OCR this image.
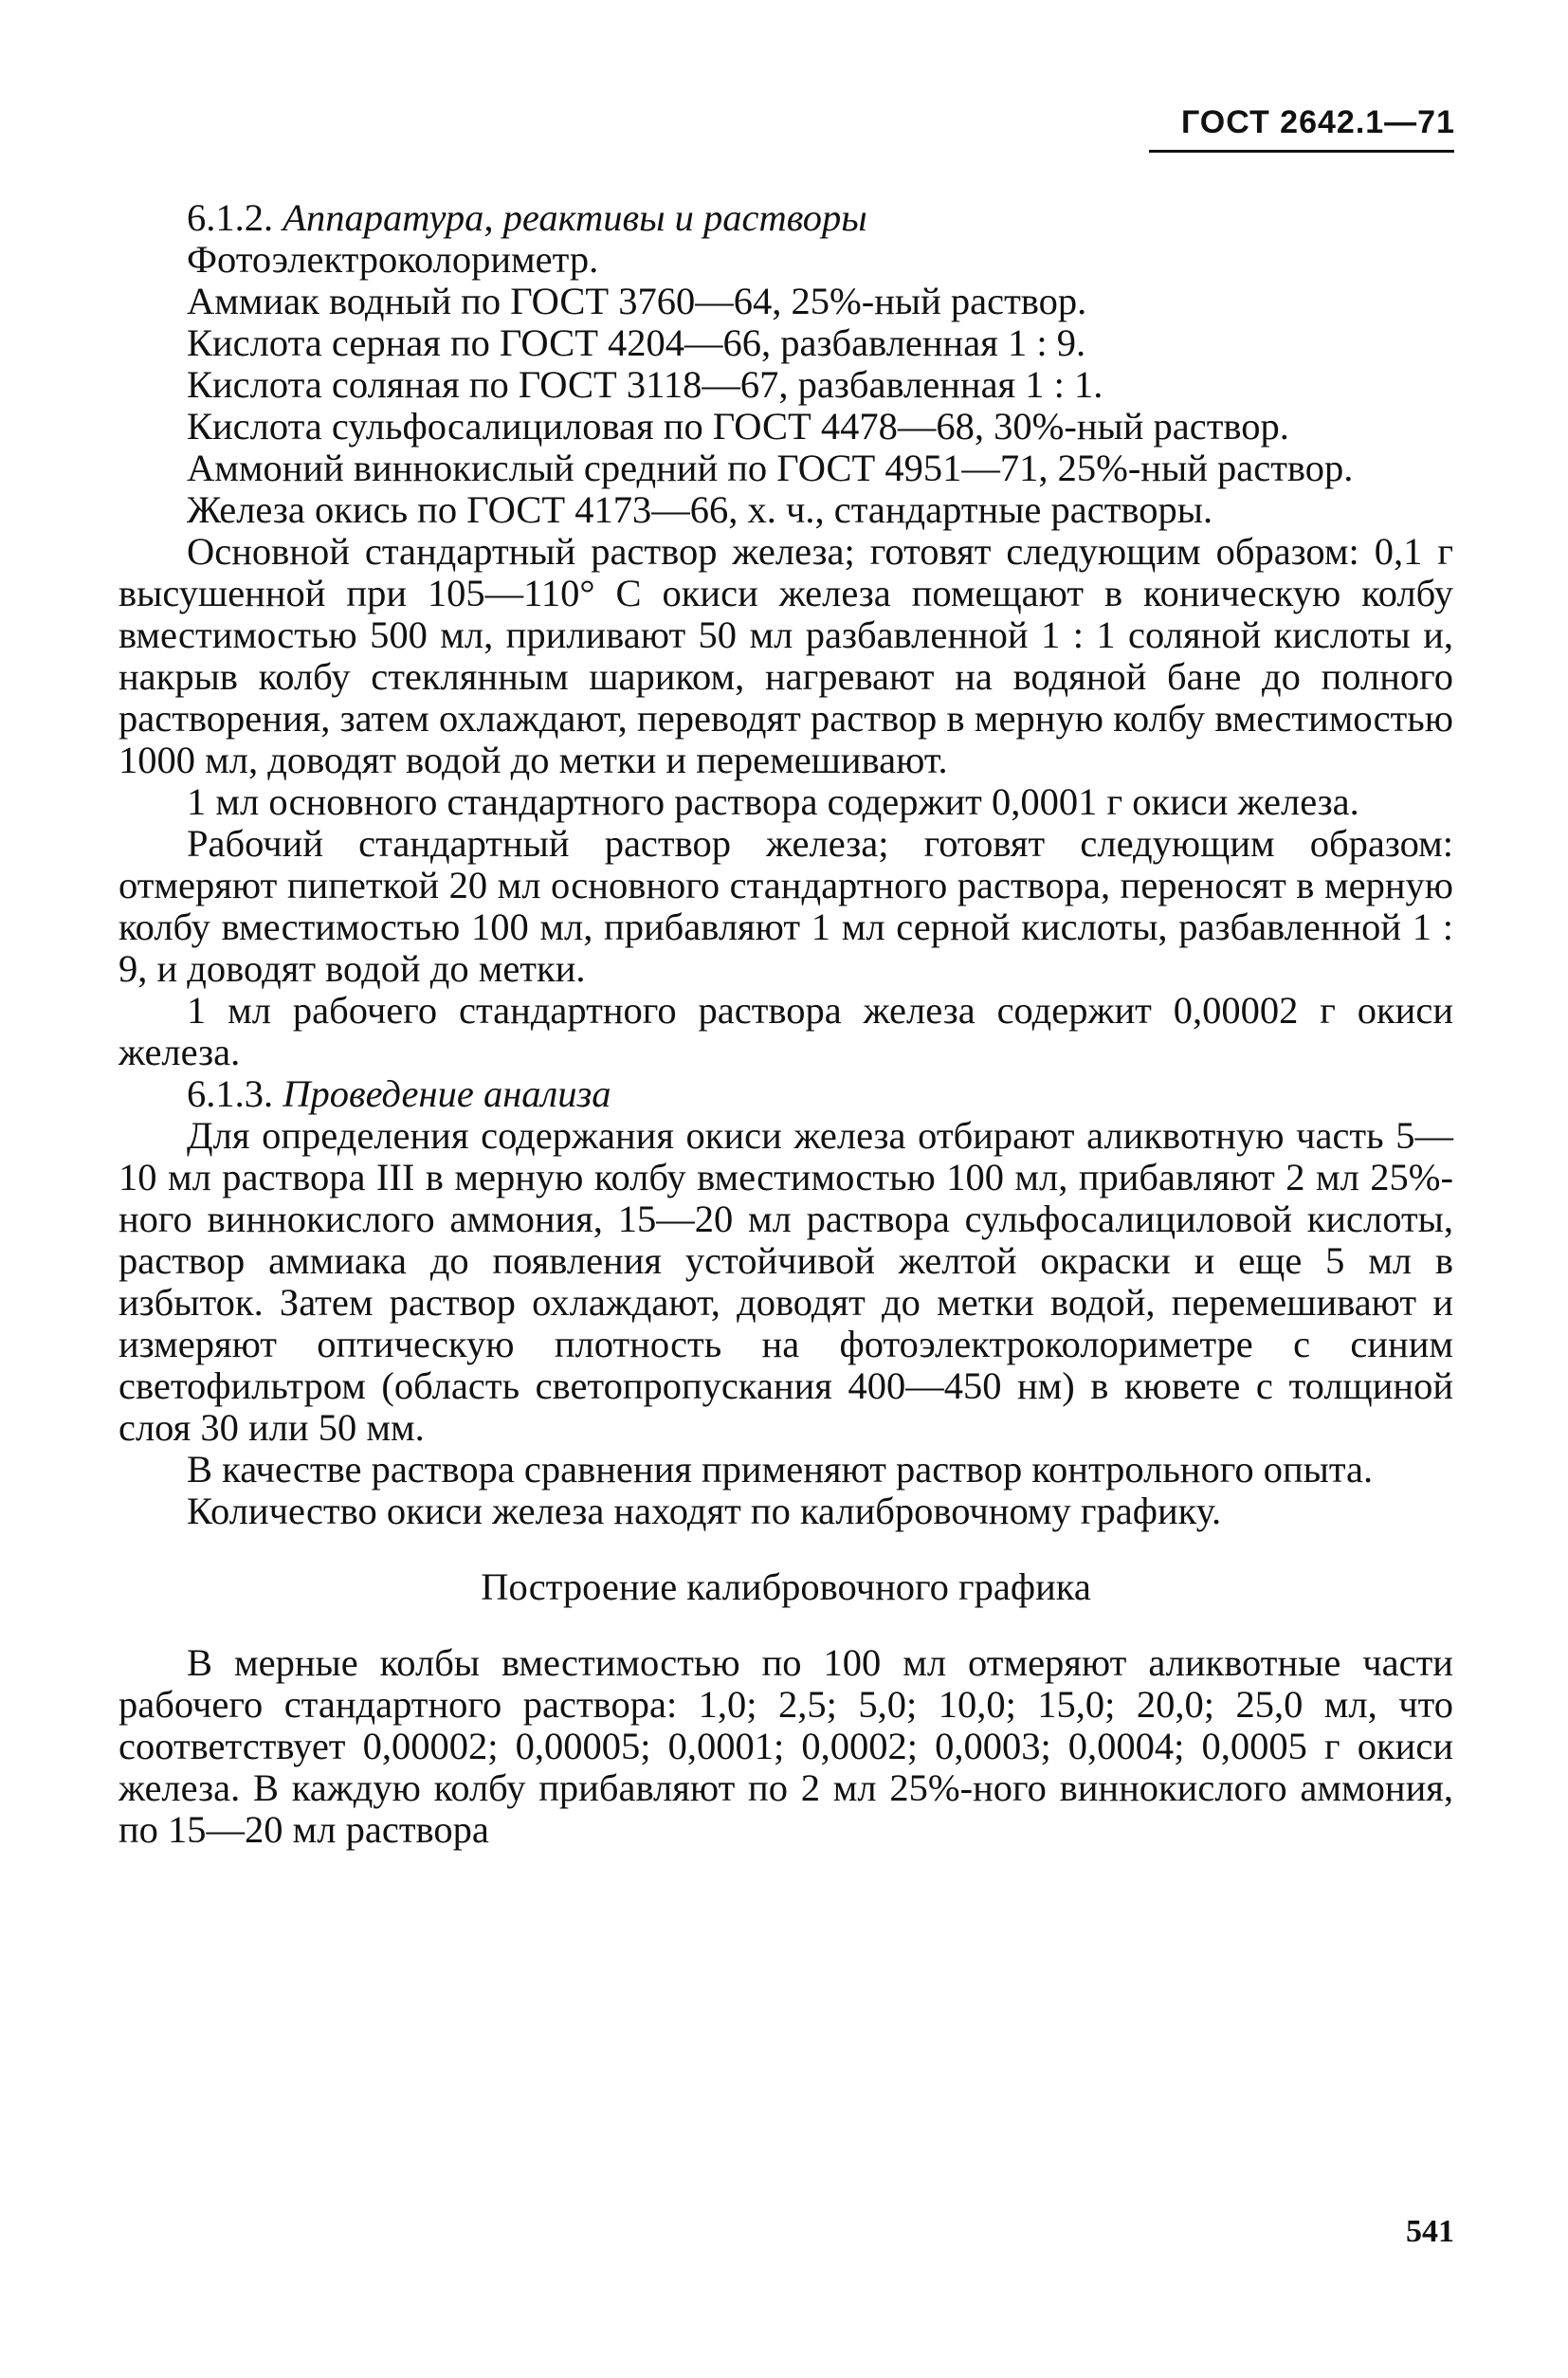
ГОСТ 2642.1—71

6.1.2. Аппаратура, реактивы и растворы

Фотоэлектроколориметр.

Аммиак водный по ГОСТ 3760—64, 25%-ный раствор.

Кислота серная по ГОСТ 4204—66, разбавленная 1 : 9.

Кислота соляная по ГОСТ 3118—67, разбавленная 1 : 1.

Кислота сульфосалициловая по ГОСТ 4478—68, 30%-ный раствор.

Аммоний виннокислый средний по ГОСТ 4951—71, 25%-ный раствор.

Железа окись по ГОСТ 4173—66, х. ч., стандартные растворы.

Основной стандартный раствор железа; готовят следующим образом: 0,1 г высушенной при 105—110° С окиси железа помещают в коническую колбу вместимостью 500 мл, приливают 50 мл разбавленной 1 : 1 соляной кислоты и, накрыв колбу стеклянным шариком, нагревают на водяной бане до полного растворения, затем охлаждают, переводят раствор в мерную колбу вместимостью 1000 мл, доводят водой до метки и перемешивают.

1 мл основного стандартного раствора содержит 0,0001 г окиси железа.

Рабочий стандартный раствор железа; готовят следующим образом: отмеряют пипеткой 20 мл основного стандартного раствора, переносят в мерную колбу вместимостью 100 мл, прибавляют 1 мл серной кислоты, разбавленной 1 : 9, и доводят водой до метки.

1 мл рабочего стандартного раствора железа содержит 0,00002 г окиси железа.

6.1.3. Проведение анализа

Для определения содержания окиси железа отбирают аликвотную часть 5—10 мл раствора III в мерную колбу вместимостью 100 мл, прибавляют 2 мл 25%-ного виннокислого аммония, 15—20 мл раствора сульфосалициловой кислоты, раствор аммиака до появления устойчивой желтой окраски и еще 5 мл в избыток. Затем раствор охлаждают, доводят до метки водой, перемешивают и измеряют оптическую плотность на фотоэлектроколориметре с синим светофильтром (область светопропускания 400—450 нм) в кювете с толщиной слоя 30 или 50 мм.

В качестве раствора сравнения применяют раствор контрольного опыта.

Количество окиси железа находят по калибровочному графику.

Построение калибровочного графика

В мерные колбы вместимостью по 100 мл отмеряют аликвотные части рабочего стандартного раствора: 1,0; 2,5; 5,0; 10,0; 15,0; 20,0; 25,0 мл, что соответствует 0,00002; 0,00005; 0,0001; 0,0002; 0,0003; 0,0004; 0,0005 г окиси железа. В каждую колбу прибавляют по 2 мл 25%-ного виннокислого аммония, по 15—20 мл раствора

541
